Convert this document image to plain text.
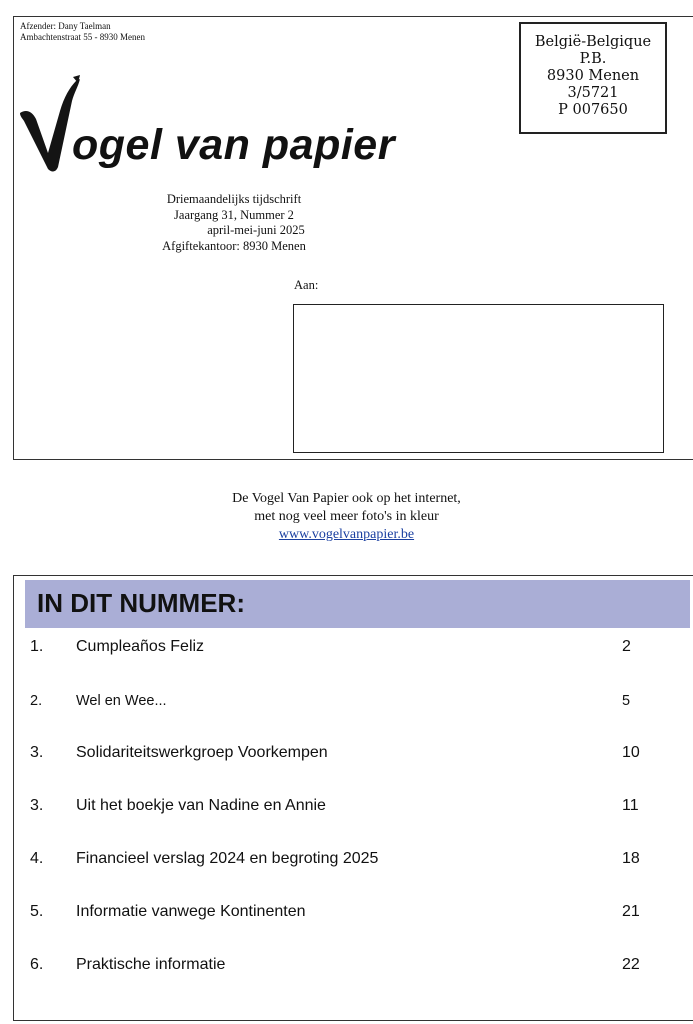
Afzender: Dany Taelman
Ambachtenstraat 55 - 8930 Menen	België-Belgique
P.B.
8930 Menen
3/5721
P 007650
ogel van papier
Driemaandelijks tijdschrift
Jaargang 31, Nummer 2
april-mei-juni 2025
Afgiftekantoor: 8930 Menen
Aan:
De Vogel Van Papier ook op het internet,
met nog veel meer foto's in kleur
www.vogelvanpapier.be
IN DIT NUMMER:
1. Cumpleaños Feliz	2
2. Wel en Wee...	5
3. Solidariteitswerkgroep Voorkempen	10
3. Uit het boekje van Nadine en Annie	11
4. Financieel verslag 2024 en begroting 2025	18
5. Informatie vanwege Kontinenten	21
6. Praktische informatie	22
